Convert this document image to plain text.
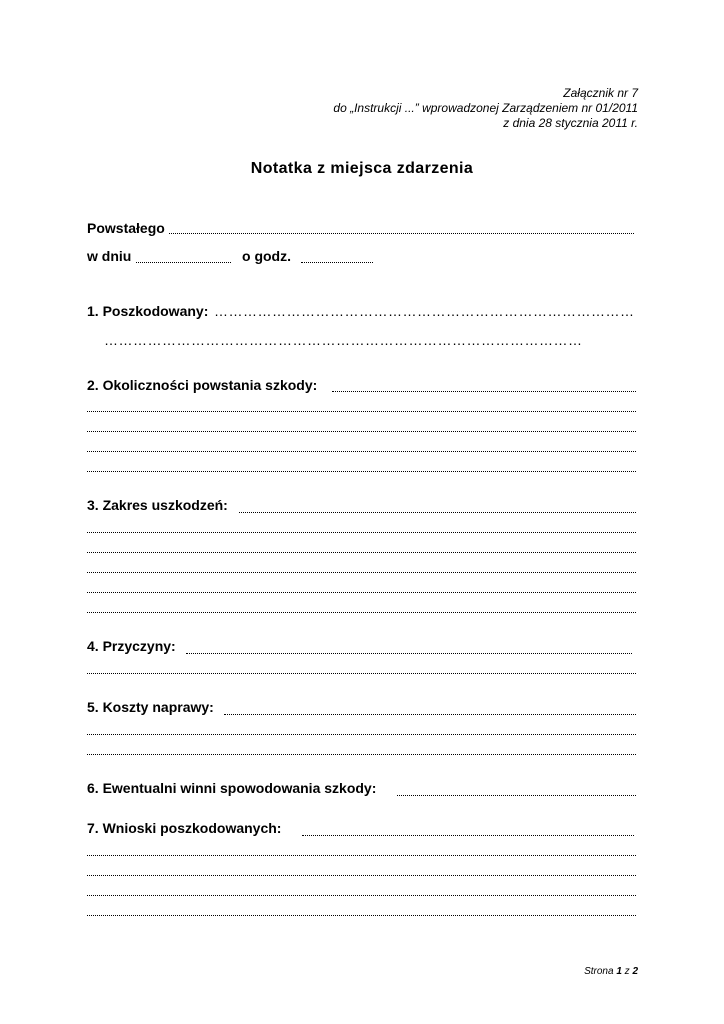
Załącznik nr 7
do „Instrukcji ...” wprowadzonej Zarządzeniem nr 01/2011
z dnia 28 stycznia 2011 r.
Notatka z miejsca zdarzenia
Powstałego
w dniu	o godz.
1. Poszkodowany: ……………………………………………………………………………
………………………………………………………………………………………
2. Okoliczności powstania szkody:
3. Zakres uszkodzeń:
4. Przyczyny:
5. Koszty naprawy:
6. Ewentualni winni spowodowania szkody:
7. Wnioski poszkodowanych:
Strona 1 z 2
